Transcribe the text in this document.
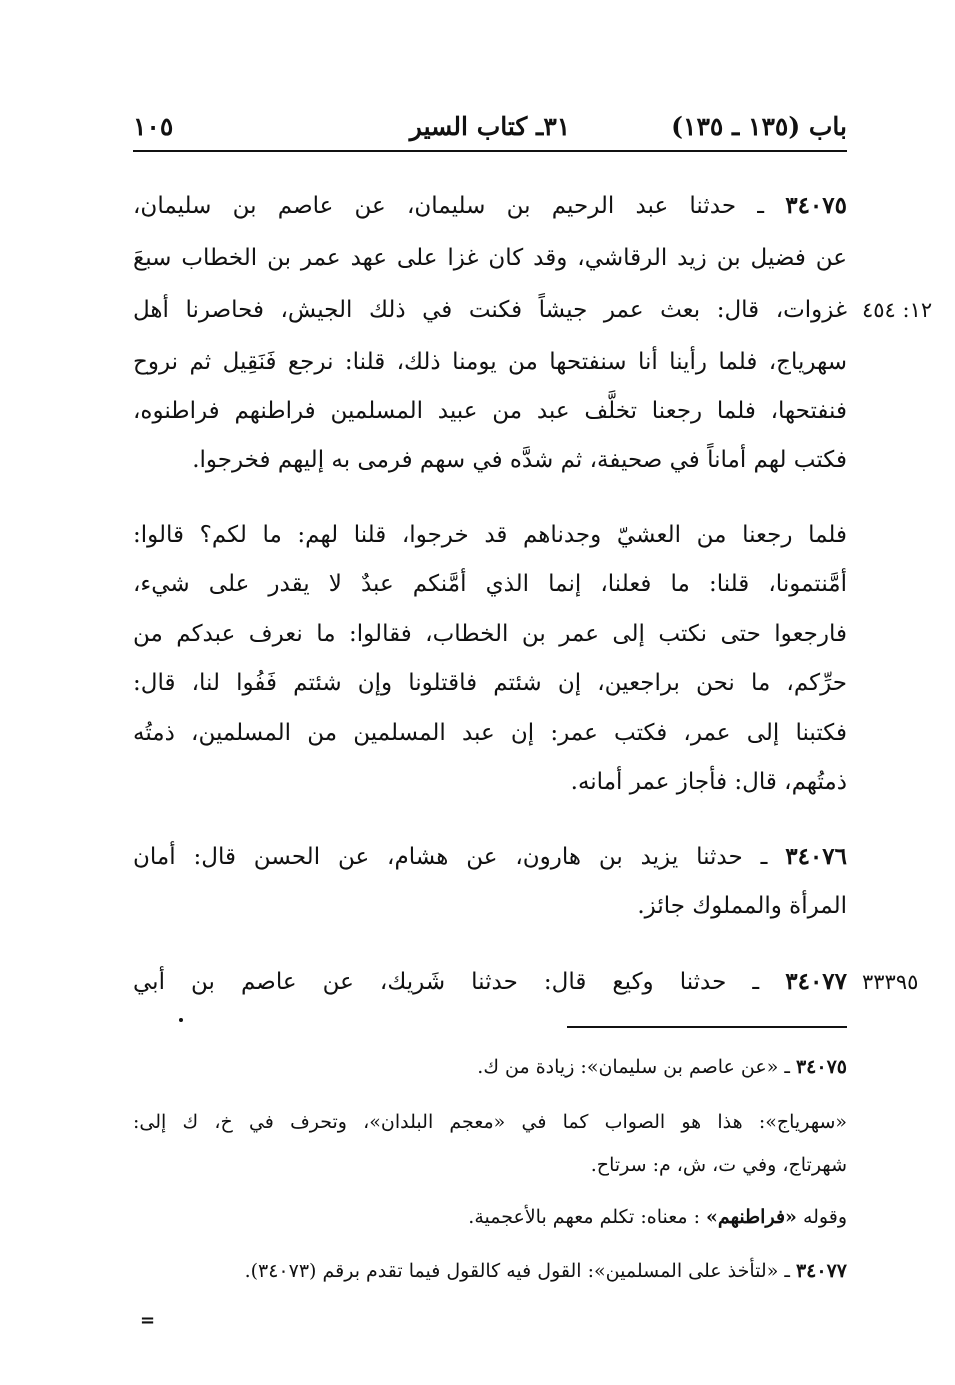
باب (١٣٥ ـ ١٣٥)
٣١ـ كتاب السير
١٠٥
٣٤٠٧٥ ـ حدثنا عبد الرحيم بن سليمان، عن عاصم بن سليمان،
عن فضيل بن زيد الرقاشي، وقد كان غزا على عهد عمر بن الخطاب سبعَ
غزوات، قال: بعث عمر جيشاً فكنت في ذلك الجيش، فحاصرنا أهل ١٢: ٤٥٤
سهرياج، فلما رأينا أنا سنفتحها من يومنا ذلك، قلنا: نرجع فَنَقِيل ثم نروح
فنفتحها، فلما رجعنا تخلَّف عبد من عبيد المسلمين فراطنهم فراطنوه،
فكتب لهم أماناً في صحيفة، ثم شدَّه في سهم فرمى به إليهم فخرجوا.
فلما رجعنا من العشيّ وجدناهم قد خرجوا، قلنا لهم: ما لكم؟ قالوا:
أمَّنتمونا، قلنا: ما فعلنا، إنما الذي أمَّنكم عبدٌ لا يقدر على شيء،
فارجعوا حتى نكتب إلى عمر بن الخطاب، فقالوا: ما نعرف عبدكم من
حرِّكم، ما نحن براجعين، إن شئتم فاقتلونا وإن شئتم فَفُوا لنا، قال:
فكتبنا إلى عمر، فكتب عمر: إن عبد المسلمين من المسلمين، ذمتُه
ذمتُهم، قال: فأجاز عمر أمانه.
٣٤٠٧٦ ـ حدثنا يزيد بن هارون، عن هشام، عن الحسن قال: أمان
المرأة والمملوك جائز.
٣٤٠٧٧ ـ حدثنا وكيع قال: حدثنا شَريك، عن عاصم بن أبي	٣٣٣٩٥
٣٤٠٧٥ ـ «عن عاصم بن سليمان»: زيادة من ك.
«سهرياج»: هذا هو الصواب كما في «معجم البلدان»، وتحرف في خ، ك إلى:
شهرتاج، وفي ت، ش، م: سرتاح.
وقوله «فراطنهم» : معناه: تكلم معهم بالأعجمية.
٣٤٠٧٧ ـ «لتأخذ على المسلمين»: القول فيه كالقول فيما تقدم برقم (٣٤٠٧٣).
=
